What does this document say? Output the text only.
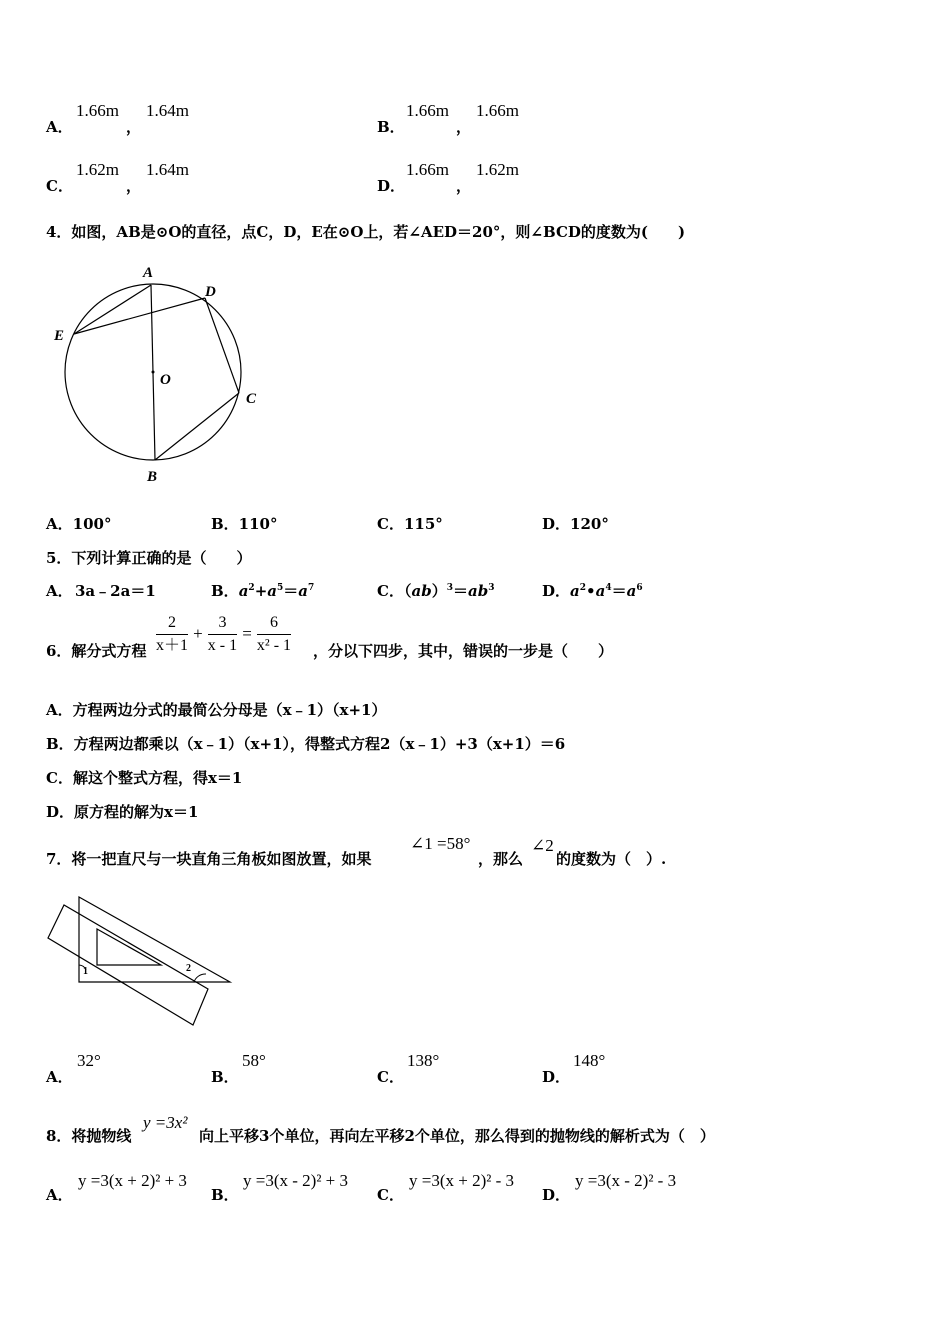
A．
1.66m
，
1.64m
B．
1.66m
，
1.66m
C．
1.62m
，
1.64m
D．
1.66m
，
1.62m
4．如图，AB是⊙O的直径，点C，D，E在⊙O上，若∠AED＝20°，则∠BCD的度数为(　　)
A
D
E
O
C
B
A．100°	B．110°	C．115°	D．120°
5．下列计算正确的是（　　）
A． 3a﹣2a＝1	B．$a^2+a^5=a^7$	C．$(ab)^3=ab^3$	D．$a^2•a^4=a^6$
6．解分式方程 $\frac{2}{x+1} + \frac{3}{x - 1} = \frac{6}{\text{x² - 1}}$ ，分以下四步，其中，错误的一步是（　　）
A．方程两边分式的最简公分母是（x﹣1）（x+1）
B．方程两边都乘以（x﹣1）（x+1），得整式方程2（x﹣1）+3（x+1）＝6
C．解这个整式方程，得x＝1
D．原方程的解为x＝1
7．将一把直尺与一块直角三角板如图放置，如果
∠1 =58°
，那么
∠2
的度数为（　）.
1	2
A．
32°
B．
58°
C．
138°
D．
148°
8．将抛物线
y =3x²
向上平移3个单位，再向左平移2个单位，那么得到的抛物线的解析式为（　）
A．
y =3(x + 2)² + 3
B．
y =3(x - 2)² + 3
C．
y =3(x + 2)² - 3
D．
y =3(x - 2)² - 3
